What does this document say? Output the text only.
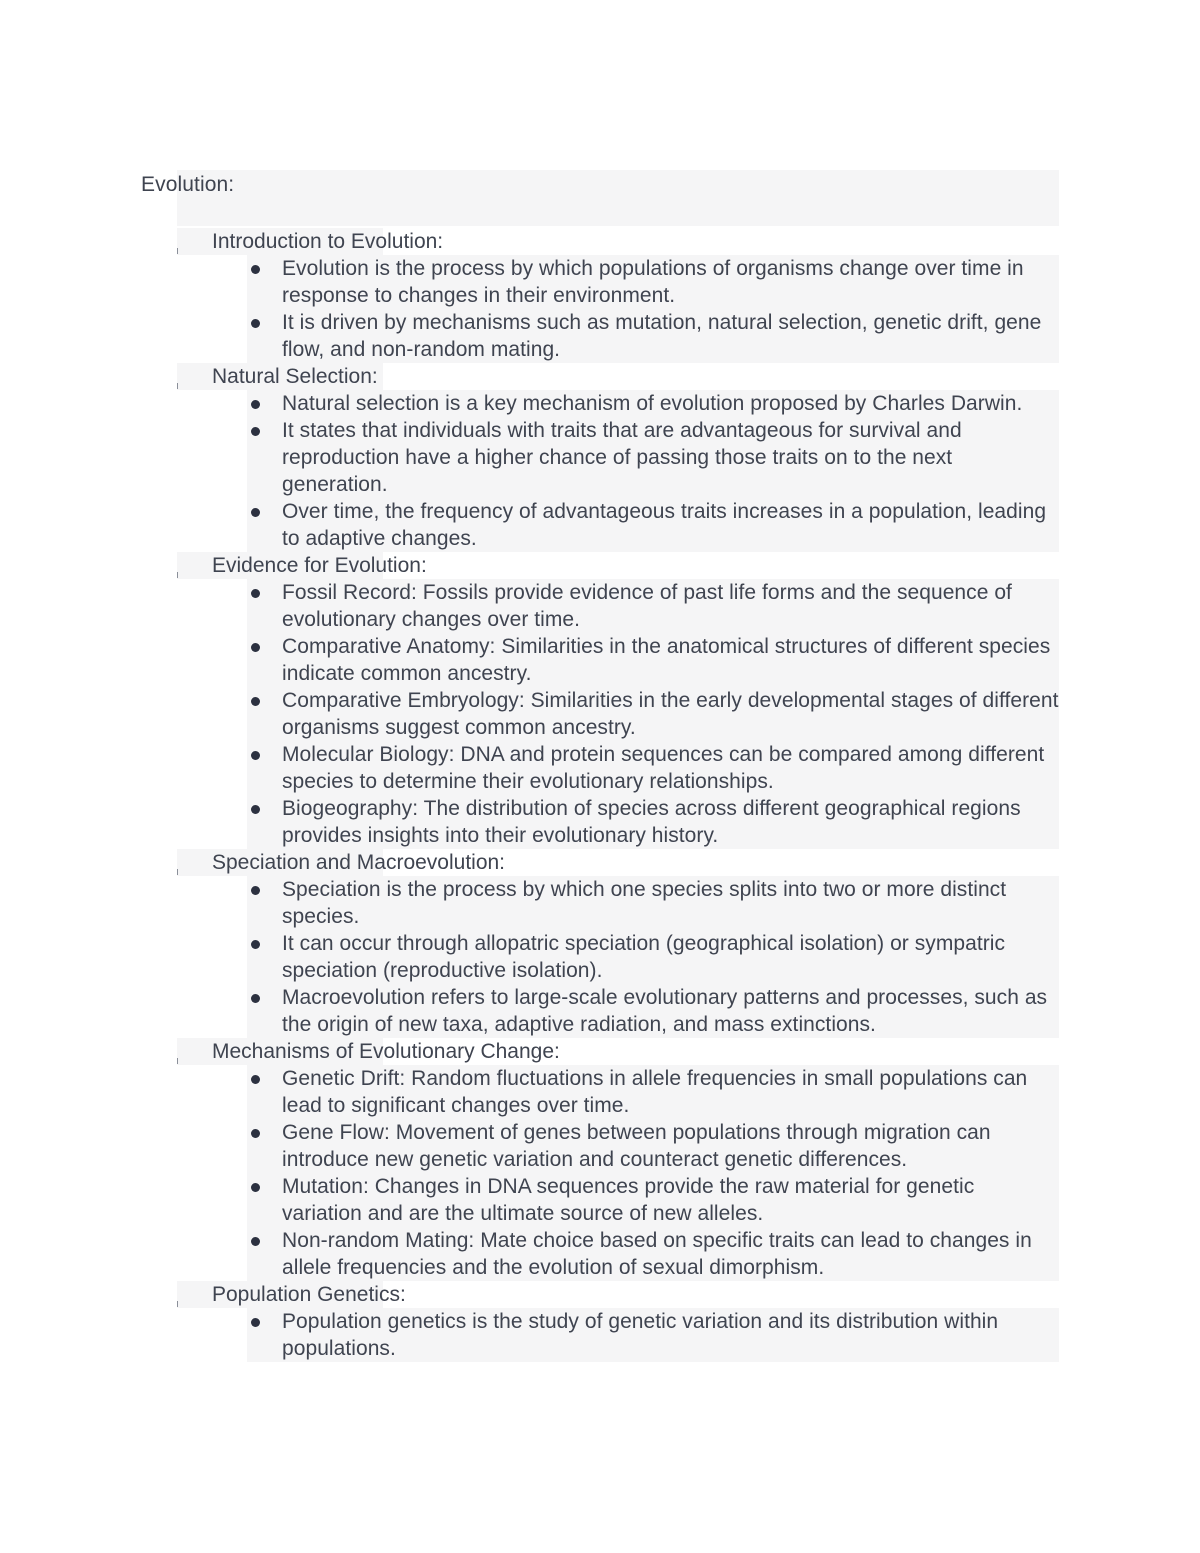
Evolution:
Introduction to Evolution:
Evolution is the process by which populations of organisms change over time in response to changes in their environment.
It is driven by mechanisms such as mutation, natural selection, genetic drift, gene flow, and non-random mating.
Natural Selection:
Natural selection is a key mechanism of evolution proposed by Charles Darwin.
It states that individuals with traits that are advantageous for survival and reproduction have a higher chance of passing those traits on to the next generation.
Over time, the frequency of advantageous traits increases in a population, leading to adaptive changes.
Evidence for Evolution:
Fossil Record: Fossils provide evidence of past life forms and the sequence of evolutionary changes over time.
Comparative Anatomy: Similarities in the anatomical structures of different species indicate common ancestry.
Comparative Embryology: Similarities in the early developmental stages of different organisms suggest common ancestry.
Molecular Biology: DNA and protein sequences can be compared among different species to determine their evolutionary relationships.
Biogeography: The distribution of species across different geographical regions provides insights into their evolutionary history.
Speciation and Macroevolution:
Speciation is the process by which one species splits into two or more distinct species.
It can occur through allopatric speciation (geographical isolation) or sympatric speciation (reproductive isolation).
Macroevolution refers to large-scale evolutionary patterns and processes, such as the origin of new taxa, adaptive radiation, and mass extinctions.
Mechanisms of Evolutionary Change:
Genetic Drift: Random fluctuations in allele frequencies in small populations can lead to significant changes over time.
Gene Flow: Movement of genes between populations through migration can introduce new genetic variation and counteract genetic differences.
Mutation: Changes in DNA sequences provide the raw material for genetic variation and are the ultimate source of new alleles.
Non-random Mating: Mate choice based on specific traits can lead to changes in allele frequencies and the evolution of sexual dimorphism.
Population Genetics:
Population genetics is the study of genetic variation and its distribution within populations.
